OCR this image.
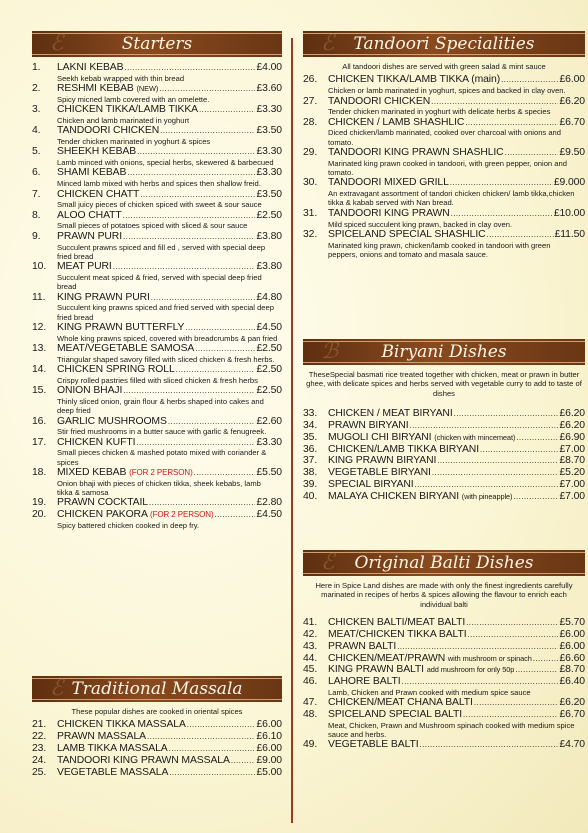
ℰ	Starters
1.	LAKNI KEBAB .....	£4.00
Seekh kebab wrapped with thin bread
2.	RESHMI KEBAB (NEW) .....	£3.60
Spicy micned lamb covered with an omelette.
3.	CHICKEN TIKKA/LAMB TIKKA .....	£3.30
Chicken and lamb marinated in yoghurt
4.	TANDOORI CHICKEN .....	£3.50
Tender chicken marinated in yoghurt & spices
5.	SHEEKH KEBAB .....	£3.30
Lamb minced with onions, special herbs, skewered & barbecued
6.	SHAMI KEBAB .....	£3.30
Minced lamb mixed with herbs and spices then shallow freid.
7.	CHICKEN CHATT .....	£3.50
Small juicy pieces of chicken spiced with sweet & sour sauce
8.	ALOO CHATT .....	£2.50
Small pieces of potatoes spiced with sliced & sour sauce
9.	PRAWN PURI .....	£3.80
Succulent prawns spiced and fill ed , served with special deep fried bread
10.	MEAT PURI .....	£3.80
Succulent meat spiced & fried, served with special deep fried bread
11.	KING PRAWN PURI .....	£4.80
Succulent king prawns spiced and fried served with special deep fried bread
12.	KING PRAWN BUTTERFLY .....	£4.50
Whole king prawns spiced, covered with breadcrumbs & pan fried
13.	MEAT/VEGETABLE SAMOSA .....	£2.50
Triangular shaped savory filled with sliced chicken & fresh herbs.
14.	CHICKEN SPRING ROLL .....	£2.50
Crispy rolled pastries filled with sliced chicken & fresh herbs
15.	ONION BHAJI .....	£2.50
Thinly sliced onion, grain flour & herbs shaped into cakes and deep fried
16.	GARLIC MUSHROOMS .....	£2.60
Stir fried mushrooms in a butter sauce with garlic & fenugreek.
17.	CHICKEN KUFTI .....	£3.30
Small pieces chicken & mashed potato mixed with coriander & spices
18.	MIXED KEBAB (FOR 2 PERSON) .....	£5.50
Onion bhaji with pieces of chicken tikka, sheek kebabs, lamb tikka & samosa
19.	PRAWN COCKTAIL .....	£2.80
20.	CHICKEN PAKORA (FOR 2 PERSON) .....	£4.50
Spicy battered chicken cooked in deep fry.
ℰ Traditional Massala
These popular dishes are cooked in oriental spices
21.	CHICKEN TIKKA MASSALA .....	£6.00
22.	PRAWN MASSALA .....	£6.10
23.	LAMB TIKKA MASSALA .....	£6.00
24.	TANDOORI KING PRAWN MASSALA .....	£9.00
25.	VEGETABLE MASSALA .....	£5.00
ℰ Tandoori Specialities
All tandoori dishes are served with green salad & mint sauce
26.	CHICKEN TIKKA/LAMB TIKKA (main) .....	£6.00
Chicken or lamb marinated in yoghurt, spices and backed in clay oven.
27.	TANDOORI CHICKEN .....	£6.20
Tender chicken marinated in yoghurt with delicate herbs & species
28.	CHICKEN / LAMB SHASHLIC .....	£6.70
Diced chicken/lamb marinated, cooked over charcoal with onions and tomato.
29.	TANDOORI KING PRAWN SHASHLIC .....	£9.50
Marinated king prawn cooked in tandoori, with green pepper, onion and tomato.
30.	TANDOORI MIXED GRILL .....	£9.000
An extravagant assortment of tandori chicken chicken/ lamb tikka,chicken tikka & kabab served with Nan bread.
31.	TANDOORI KING PRAWN .....	£10.00
Mild spiced succulent king prawn, backed in clay oven.
32.	SPICELAND SPECIAL SHASHLIC .....	£11.50
Marinated king prawn, chicken/lamb cooked in tandoori with green peppers, onions and tomato and masala sauce.
ℬ	Biryani Dishes
TheseSpecial basmati rice treated together with chicken, meat or prawn in butter ghee, with delicate spices and herbs served with vegetable curry to add to taste of dishes
33.	CHICKEN / MEAT BIRYANI .....	£6.20
34.	PRAWN BIRYANI .....	£6.20
35.	MUGOLI CHI BIRYANI (chicken with mincemeat) .....	£6.90
36.	CHICKEN/LAMB TIKKA BIRYANI .....	£7.00
37.	KING PRAWN BIRYANI .....	£8.70
38.	VEGETABLE BIRYANI .....	£5.20
39.	SPECIAL BIRYANI .....	£7.00
40.	MALAYA CHICKEN BIRYANI (with pineapple) .....	£7.00
ℰ Original Balti Dishes
Here in Spice Land dishes are made with only the finest ingredients carefully marinated in recipes of herbs & spices allowing the flavour to enrich each individual balti
41.	CHICKEN BALTI/MEAT BALTI .....	£5.70
42.	MEAT/CHICKEN TIKKA BALTI .....	£6.00
43.	PRAWN BALTI .....	£6.00
44.	CHICKEN/MEAT/PRAWN with mushroom or spinach .....	£6.60
45.	KING PRAWN BALTI add mushroom for only 50p .....	£8.70
46.	LAHORE BALTI .....	£6.40
Lamb, Chicken and Prawn cooked with medium spice sauce
47.	CHICKEN/MEAT CHANA BALTI .....	£6.20
48.	SPICELAND SPECIAL BALTI .....	£6.70
Meat, Chicken, Prawn and Mushroom spinach cooked with medium spice sauce and herbs.
49.	VEGETABLE BALTI .....	£4.70
